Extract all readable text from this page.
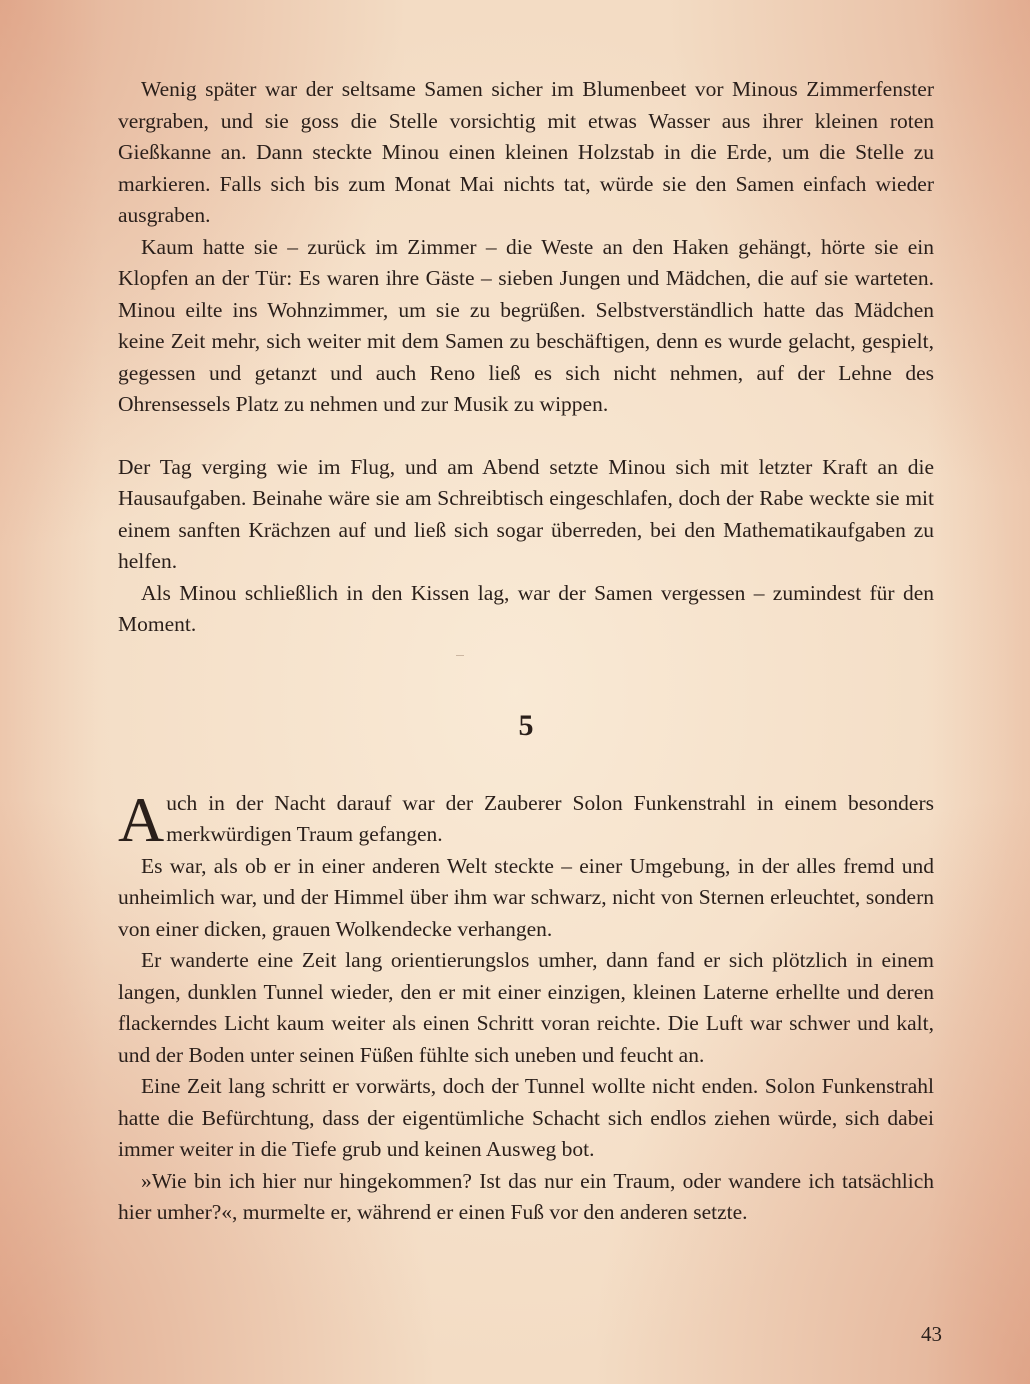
Wenig später war der seltsame Samen sicher im Blumenbeet vor Minous Zimmerfenster vergraben, und sie goss die Stelle vorsichtig mit etwas Wasser aus ihrer kleinen roten Gießkanne an. Dann steckte Minou einen kleinen Holzstab in die Erde, um die Stelle zu markieren. Falls sich bis zum Monat Mai nichts tat, würde sie den Samen einfach wieder ausgraben.

Kaum hatte sie – zurück im Zimmer – die Weste an den Haken gehängt, hörte sie ein Klopfen an der Tür: Es waren ihre Gäste – sieben Jungen und Mädchen, die auf sie warteten. Minou eilte ins Wohnzimmer, um sie zu begrüßen. Selbstverständlich hatte das Mädchen keine Zeit mehr, sich weiter mit dem Samen zu beschäftigen, denn es wurde gelacht, gespielt, gegessen und getanzt und auch Reno ließ es sich nicht nehmen, auf der Lehne des Ohrensessels Platz zu nehmen und zur Musik zu wippen.

Der Tag verging wie im Flug, und am Abend setzte Minou sich mit letzter Kraft an die Hausaufgaben. Beinahe wäre sie am Schreibtisch eingeschlafen, doch der Rabe weckte sie mit einem sanften Krächzen auf und ließ sich sogar überreden, bei den Mathematikaufgaben zu helfen.

Als Minou schließlich in den Kissen lag, war der Samen vergessen – zumindest für den Moment.

5

Auch in der Nacht darauf war der Zauberer Solon Funkenstrahl in einem besonders merkwürdigen Traum gefangen.

Es war, als ob er in einer anderen Welt steckte – einer Umgebung, in der alles fremd und unheimlich war, und der Himmel über ihm war schwarz, nicht von Sternen erleuchtet, sondern von einer dicken, grauen Wolkendecke verhangen.

Er wanderte eine Zeit lang orientierungslos umher, dann fand er sich plötzlich in einem langen, dunklen Tunnel wieder, den er mit einer einzigen, kleinen Laterne erhellte und deren flackerndes Licht kaum weiter als einen Schritt voran reichte. Die Luft war schwer und kalt, und der Boden unter seinen Füßen fühlte sich uneben und feucht an.

Eine Zeit lang schritt er vorwärts, doch der Tunnel wollte nicht enden. Solon Funkenstrahl hatte die Befürchtung, dass der eigentümliche Schacht sich endlos ziehen würde, sich dabei immer weiter in die Tiefe grub und keinen Ausweg bot.

»Wie bin ich hier nur hingekommen? Ist das nur ein Traum, oder wandere ich tatsächlich hier umher?«, murmelte er, während er einen Fuß vor den anderen setzte.

43
